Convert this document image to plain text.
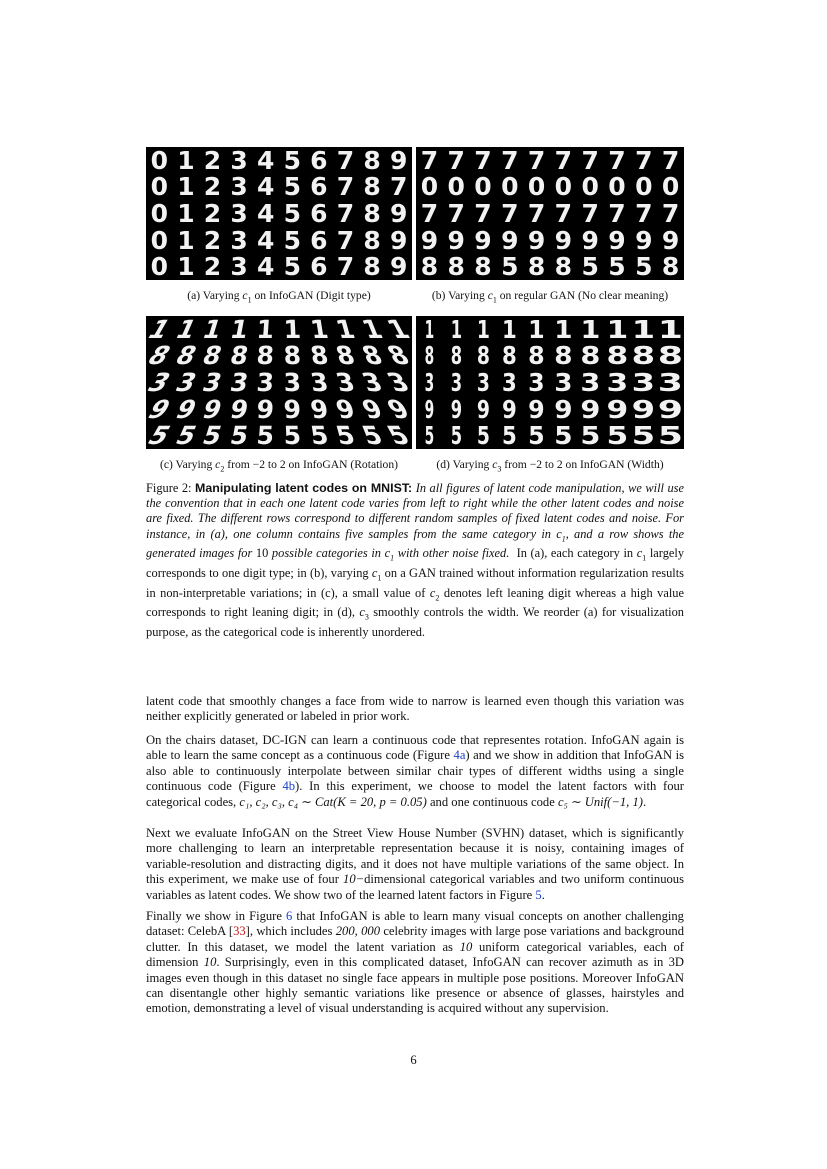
0 1 2 3 4 5 6 7 8 9
0 1 2 3 4 5 6 7 8 7
0 1 2 3 4 5 6 7 8 9
0 1 2 3 4 5 6 7 8 9
0 1 2 3 4 5 6 7 8 9
7 7 7 7 7 7 7 7 7 7
0 0 0 0 0 0 0 0 0 0
7 7 7 7 7 7 7 7 7 7
9 9 9 9 9 9 9 9 9 9
8 8 8 5 8 8 5 5 5 8
1
1
1 1 1 1 1 1 1
1
8
8
8 8 8 8 8 8 8
8
3
3
3 3 3 3 3 3 3
3
9
9
9 9 9 9 9 9 9
9
5
5
5 5 5 5 5 5 5
5
1 1 1 1 1 1 1 1 1 1
8 8 8 8 8 8 8 8 8 8
3 3 3 3 3 3 3 3 3 3
9 9 9 9 9 9 9 9 9 9
5 5 5 5 5 5 5 5 5 5
(a) Varying $c_1$ on InfoGAN (Digit type)	(b) Varying $c_1$ on regular GAN (No clear meaning)
(c) Varying $c_2$ from −2 to 2 on InfoGAN (Rotation)	(d) Varying $c_3$ from −2 to 2 on InfoGAN (Width)
Figure 2: Manipulating latent codes on MNIST: In all figures of latent code manipulation, we will use the convention that in each one latent code varies from left to right while the other latent codes and noise are fixed. The different rows correspond to different random samples of fixed latent codes and noise. For instance, in (a), one column contains five samples from the same category in $c_1$, and a row shows the generated images for 10 possible categories in $c_1$ with other noise fixed. In (a), each category in $c_1$ largely corresponds to one digit type; in (b), varying $c_1$ on a GAN trained without information regularization results in non-interpretable variations; in (c), a small value of $c_2$ denotes left leaning digit whereas a high value corresponds to right leaning digit; in (d), $c_3$ smoothly controls the width. We reorder (a) for visualization purpose, as the categorical code is inherently unordered.

latent code that smoothly changes a face from wide to narrow is learned even though this variation was neither explicitly generated or labeled in prior work.

On the chairs dataset, DC-IGN can learn a continuous code that representes rotation. InfoGAN again is able to learn the same concept as a continuous code (Figure 4a) and we show in addition that InfoGAN is also able to continuously interpolate between similar chair types of different widths using a single continuous code (Figure 4b). In this experiment, we choose to model the latent factors with four categorical codes, c₁, c₂, c₃, c₄ ∼ Cat(K = 20, p = 0.05) and one continuous code c₅ ∼ Unif(−1, 1).

Next we evaluate InfoGAN on the Street View House Number (SVHN) dataset, which is significantly more challenging to learn an interpretable representation because it is noisy, containing images of variable-resolution and distracting digits, and it does not have multiple variations of the same object. In this experiment, we make use of four 10−dimensional categorical variables and two uniform continuous variables as latent codes. We show two of the learned latent factors in Figure 5.

Finally we show in Figure 6 that InfoGAN is able to learn many visual concepts on another challenging dataset: CelebA [33], which includes 200, 000 celebrity images with large pose variations and background clutter. In this dataset, we model the latent variation as 10 uniform categorical variables, each of dimension 10. Surprisingly, even in this complicated dataset, InfoGAN can recover azimuth as in 3D images even though in this dataset no single face appears in multiple pose positions. Moreover InfoGAN can disentangle other highly semantic variations like presence or absence of glasses, hairstyles and emotion, demonstrating a level of visual understanding is acquired without any supervision.

6
